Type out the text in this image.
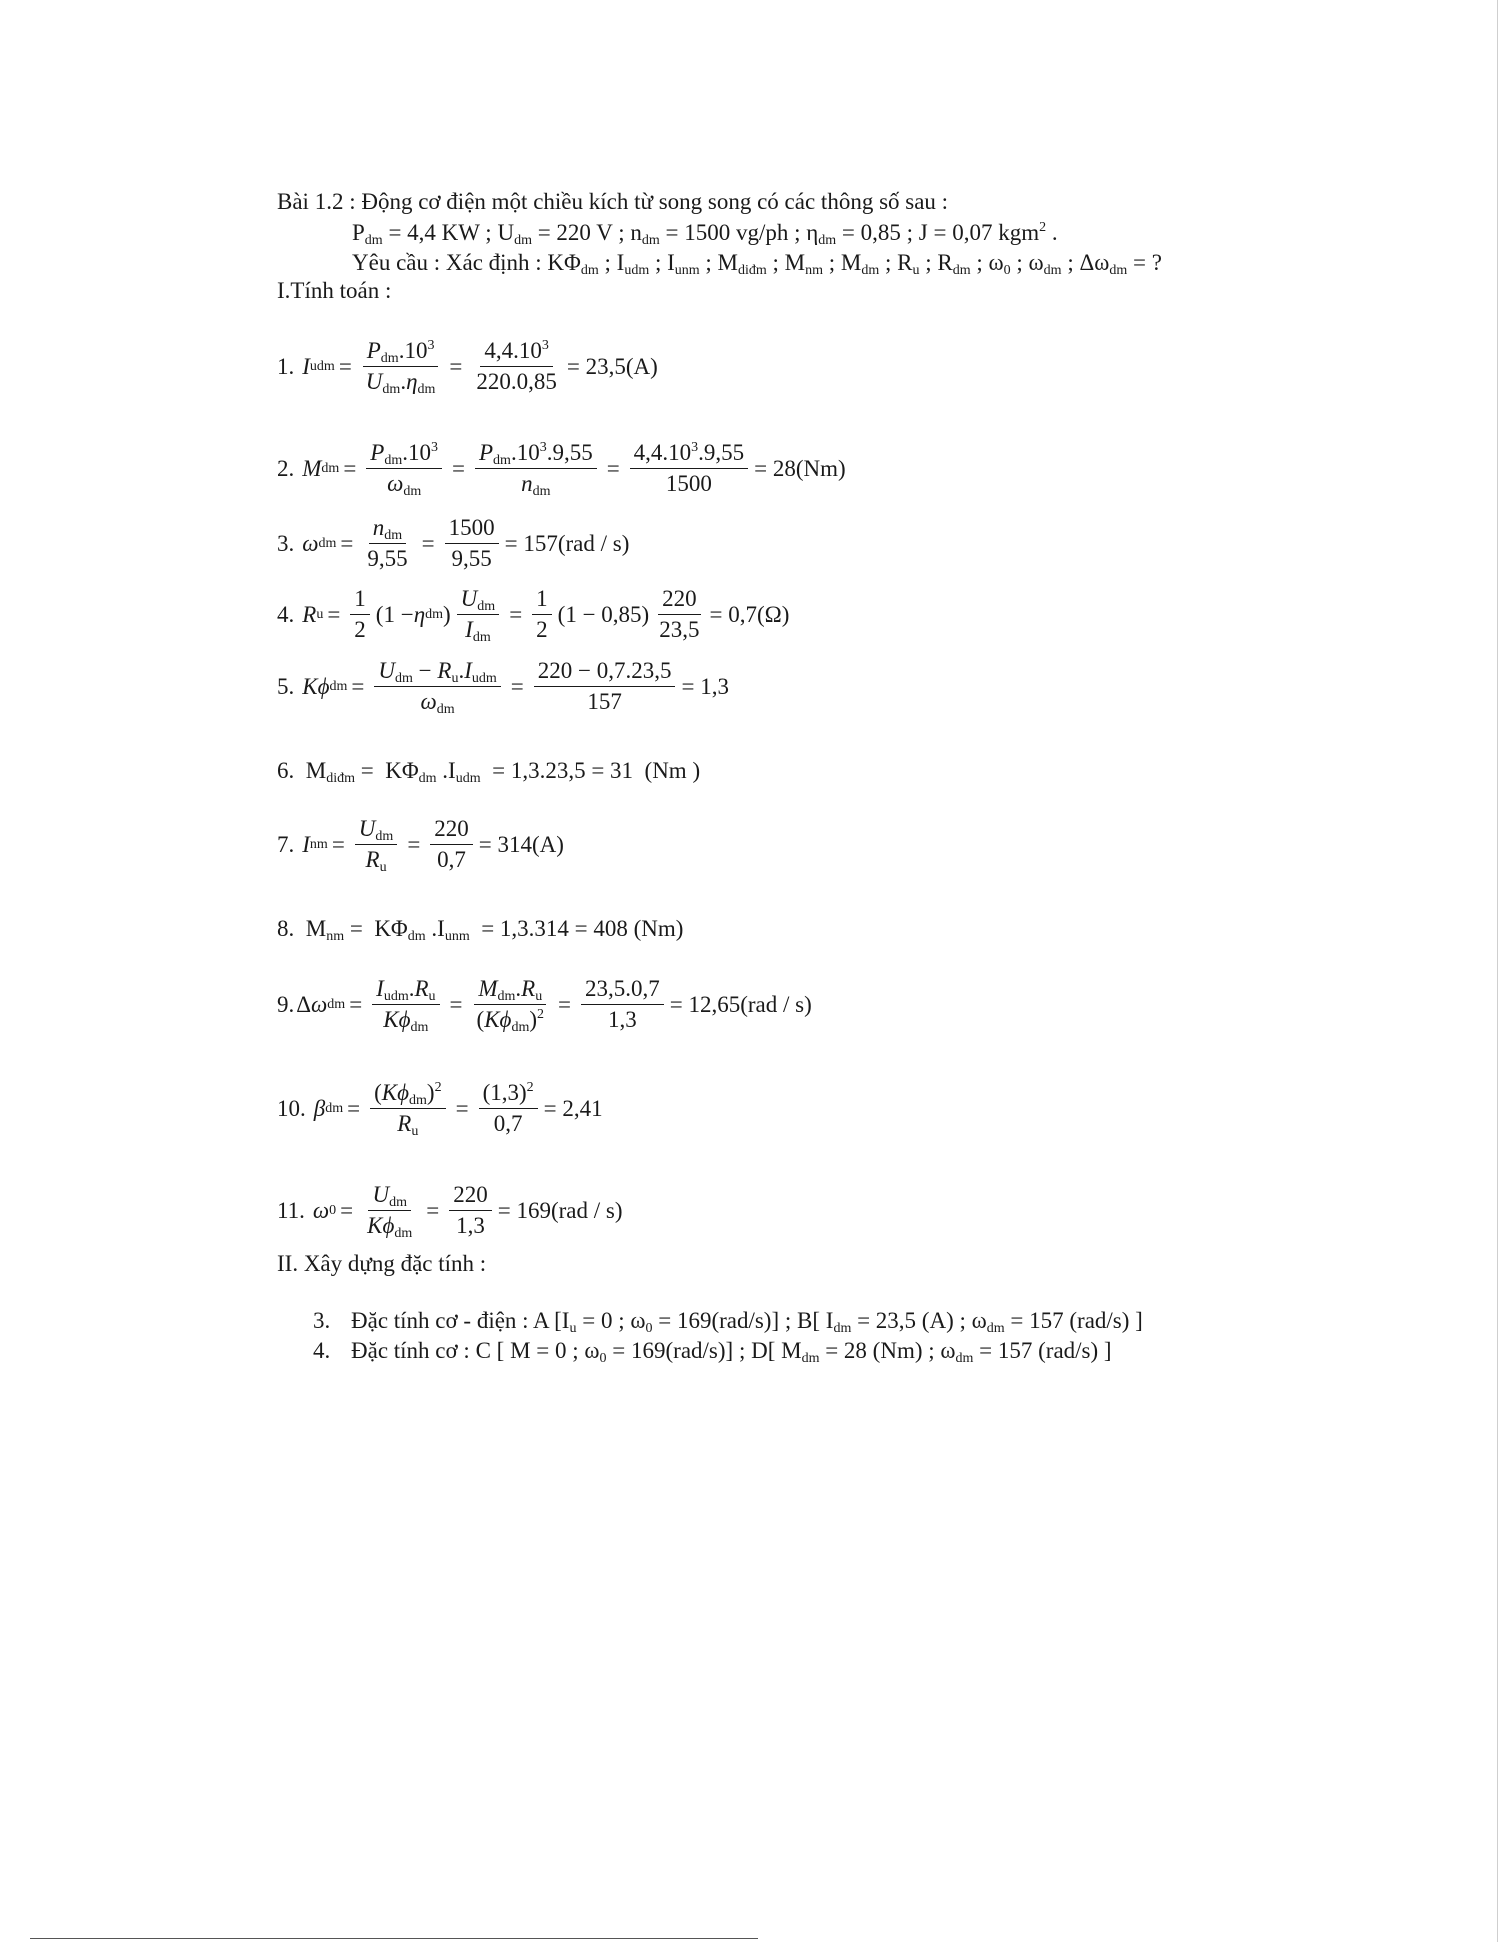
Bài 1.2 : Động cơ điện một chiều kích từ song song có các thông số sau :
$P_{dm} = 4,4$ KW ; $U_{dm} = 220$ V ; $n_{dm} = 1500$ vg/ph ; $\eta_{dm} = 0,85$ ; J = 0,07 kgm$^2$ .
Yêu cầu : Xác định : $K\Phi_{dm}$ ; $I_{udm}$ ; $I_{unm}$ ; $M_{diđm}$ ; $M_{nm}$ ; $M_{dm}$ ; $R_u$ ; $R_{dm}$ ; $\omega_0$ ; $\omega_{dm}$ ; $\Delta\omega_{dm}$ = ?
I.Tính toán :
1. I udm = $\frac{P_{dm}.10^3}{U_{dm}.\eta_{dm}} = \frac{4,4.10^3}{220.0,85} = 23,5(A)$
2. M dm = $\frac{P_{dm}.10^3}{\omega_{dm}} = \frac{P_{dm}.10^3.9,55}{n_{dm}} = \frac{4,4.10^3.9,55}{1500} = 28(Nm)$
3. ω dm = $\frac{n_{dm}}{9,55} = \frac{1500}{9,55} = 157(rad / s)$
4. R $u = \frac{1}{2} (1 - \eta$ dm ) $\frac{U_{dm}}{I_{dm}} = \frac{1}{2} (1 - 0,85) \frac{220}{23,5} = 0,7(\Omega)$
5. Kϕ dm = $\frac{U_{dm} - R_u.I_{udm}}{\omega_{dm}} = \frac{220 - 0,7.23,5}{157} = 1,3$
6.  $M_{diđm} = K\Phi_{dm}$ $.I_{udm} = 1,3.23,5 = 31$  (Nm )
7. I nm = $\frac{U_{dm}}{R_u} = \frac{220}{0,7} = 314(A)$
8.  $M_{nm} = K\Phi_{dm}$ $.I_{unm} = 1,3.314 = 408$ (Nm)
9. Δ ω dm = $\frac{I_{udm}.R_u}{K\phi_{dm}} = \frac{M_{dm}.R_u}{(K\phi_{dm})^2} = \frac{23,5.0,7}{1,3} = 12,65(rad / s)$
10. β dm = $\frac{(K\phi_{dm})^2}{R_u} = \frac{(1,3)^2}{0,7} = 2,41$
11. ω $0 = \frac{U_{dm}}{K\phi_{dm}} = \frac{220}{1,3} = 169(rad / s)$
II. Xây dựng đặc tính :
3. Đặc tính cơ - điện : A [$I_u = 0$ ; $\omega_0 = 169(rad/s)$] ; B[ $I_{dm} = 23,5$ (A) ; $\omega_{dm} = 157$ (rad/s) ]
4. Đặc tính cơ : C [ M = 0 ; $\omega_0 = 169(rad/s)$] ; D[ $M_{dm} = 28$ (Nm) ; $\omega_{dm} = 157$ (rad/s) ]
